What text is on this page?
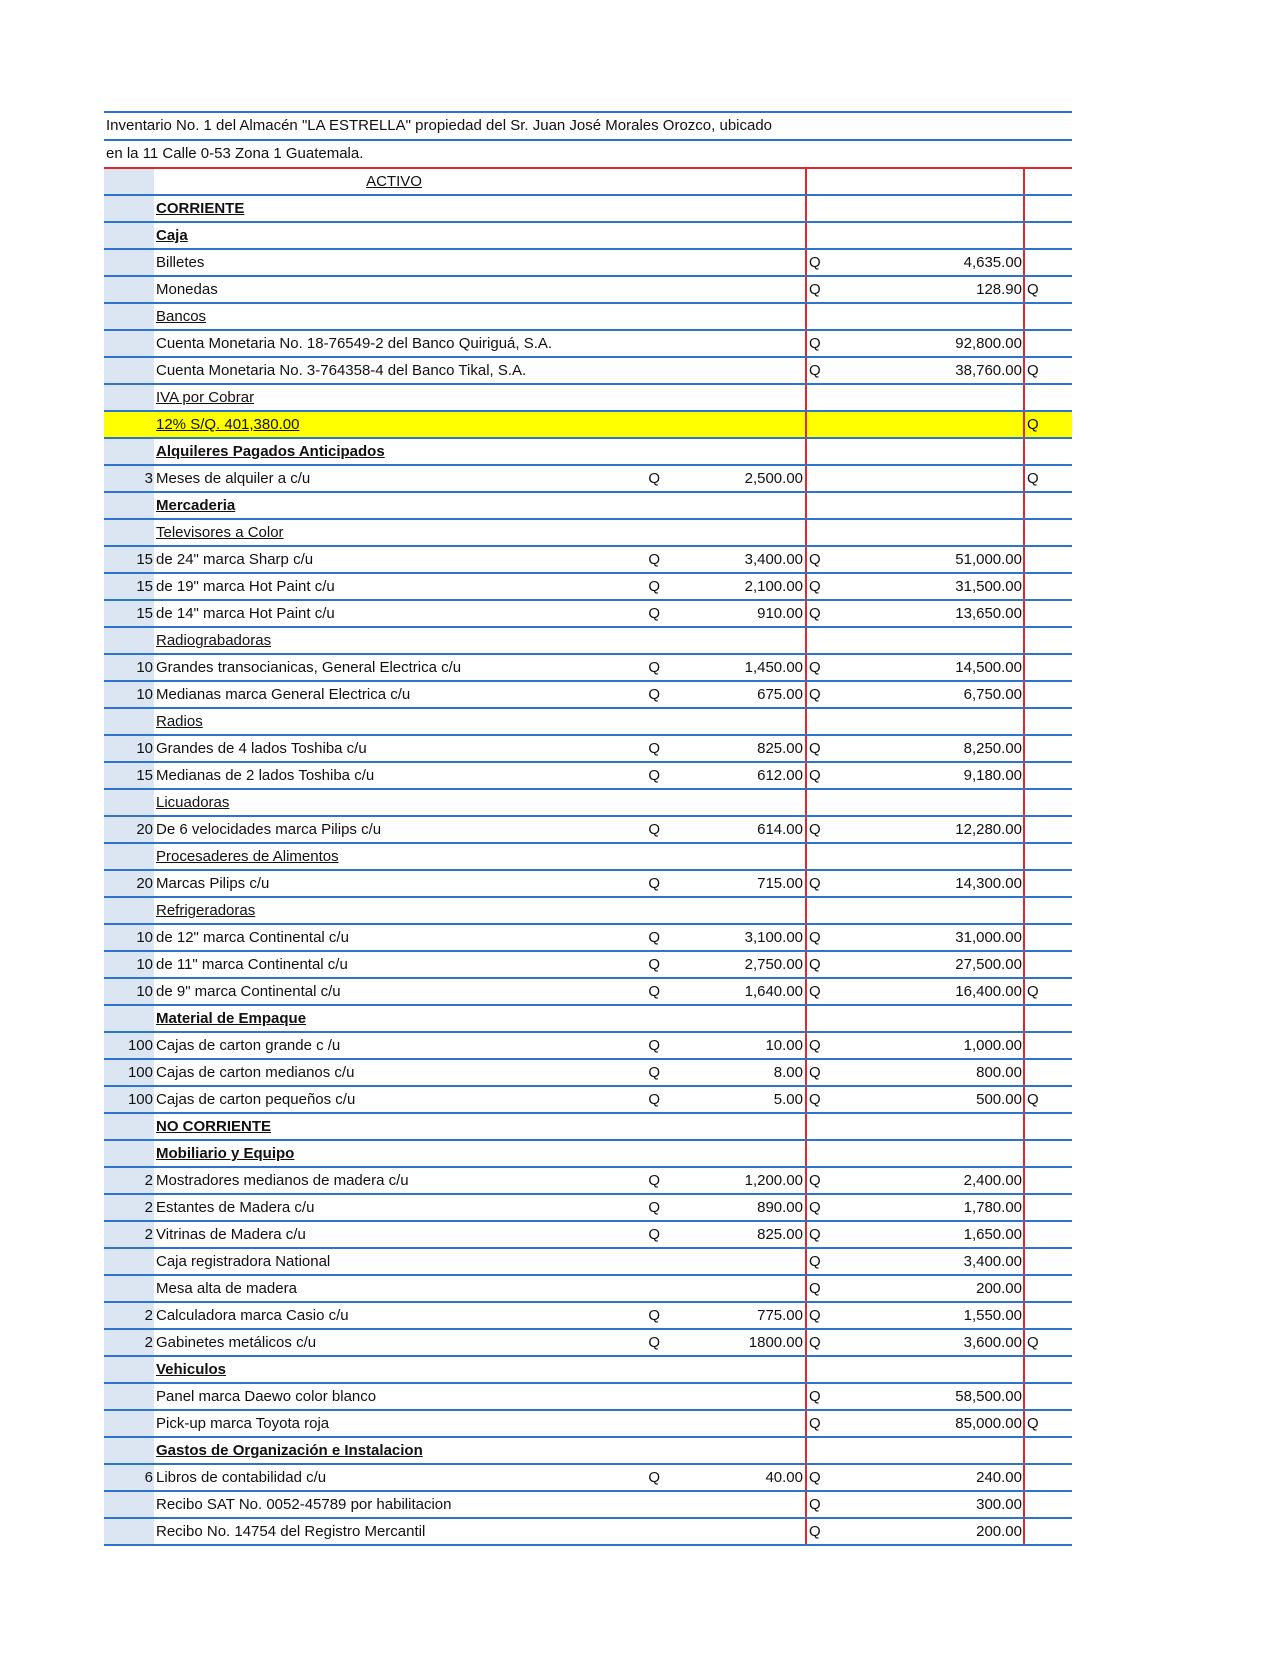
Inventario No. 1 del Almacén "LA ESTRELLA" propiedad del Sr. Juan José Morales Orozco, ubicado
en la 11 Calle 0-53 Zona 1 Guatemala.
	ACTIVO					
	CORRIENTE					
	Caja					
	Billetes			Q	4,635.00	
	Monedas			Q	128.90	Q
	Bancos					
	Cuenta Monetaria No. 18-76549-2 del Banco Quiriguá, S.A.			Q	92,800.00	
	Cuenta Monetaria No. 3-764358-4 del Banco Tikal, S.A.			Q	38,760.00	Q
	IVA por Cobrar					
	12% S/Q. 401,380.00					Q
	Alquileres Pagados Anticipados					
3	Meses de alquiler a c/u	Q	2,500.00			Q
	Mercaderia					
	Televisores a Color					
15	de 24" marca Sharp c/u	Q	3,400.00	Q	51,000.00	
15	de 19" marca Hot Paint c/u	Q	2,100.00	Q	31,500.00	
15	de 14" marca Hot Paint c/u	Q	910.00	Q	13,650.00	
	Radiograbadoras					
10	Grandes transocianicas, General Electrica c/u	Q	1,450.00	Q	14,500.00	
10	Medianas marca General Electrica c/u	Q	675.00	Q	6,750.00	
	Radios					
10	Grandes de 4 lados Toshiba c/u	Q	825.00	Q	8,250.00	
15	Medianas de 2 lados Toshiba c/u	Q	612.00	Q	9,180.00	
	Licuadoras					
20	De 6 velocidades marca Pilips c/u	Q	614.00	Q	12,280.00	
	Procesaderes de Alimentos					
20	Marcas Pilips c/u	Q	715.00	Q	14,300.00	
	Refrigeradoras					
10	de 12" marca Continental c/u	Q	3,100.00	Q	31,000.00	
10	de 11" marca Continental c/u	Q	2,750.00	Q	27,500.00	
10	de 9" marca Continental c/u	Q	1,640.00	Q	16,400.00	Q
	Material de Empaque					
100	Cajas de carton grande c /u	Q	10.00	Q	1,000.00	
100	Cajas de carton medianos c/u	Q	8.00	Q	800.00	
100	Cajas de carton pequeños c/u	Q	5.00	Q	500.00	Q
	NO CORRIENTE					
	Mobiliario y Equipo					
2	Mostradores medianos de madera c/u	Q	1,200.00	Q	2,400.00	
2	Estantes de Madera c/u	Q	890.00	Q	1,780.00	
2	Vitrinas de Madera c/u	Q	825.00	Q	1,650.00	
	Caja registradora National			Q	3,400.00	
	Mesa alta de madera			Q	200.00	
2	Calculadora marca Casio c/u	Q	775.00	Q	1,550.00	
2	Gabinetes metálicos c/u	Q	1800.00	Q	3,600.00	Q
	Vehiculos					
	Panel marca Daewo color blanco			Q	58,500.00	
	Pick-up marca Toyota roja			Q	85,000.00	Q
	Gastos de Organización e Instalacion					
6	Libros de contabilidad c/u	Q	40.00	Q	240.00	
	Recibo SAT No. 0052-45789 por habilitacion			Q	300.00	
	Recibo No. 14754 del Registro Mercantil			Q	200.00	
